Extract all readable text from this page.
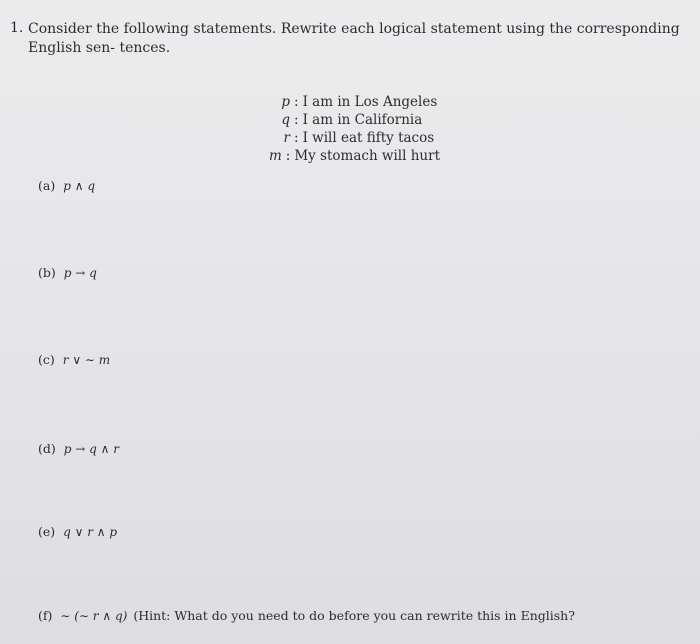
1. Consider the following statements. Rewrite each logical statement using the corresponding English sen- tences.
p : I am in Los Angeles
q : I am in California
r : I will eat fifty tacos
m : My stomach will hurt
(a) p ∧ q
(b) p → q
(c) r ∨ ∼ m
(d) p → q ∧ r
(e) q ∨ r ∧ p
(f) ∼ (∼ r ∧ q) (Hint: What do you need to do before you can rewrite this in English?
